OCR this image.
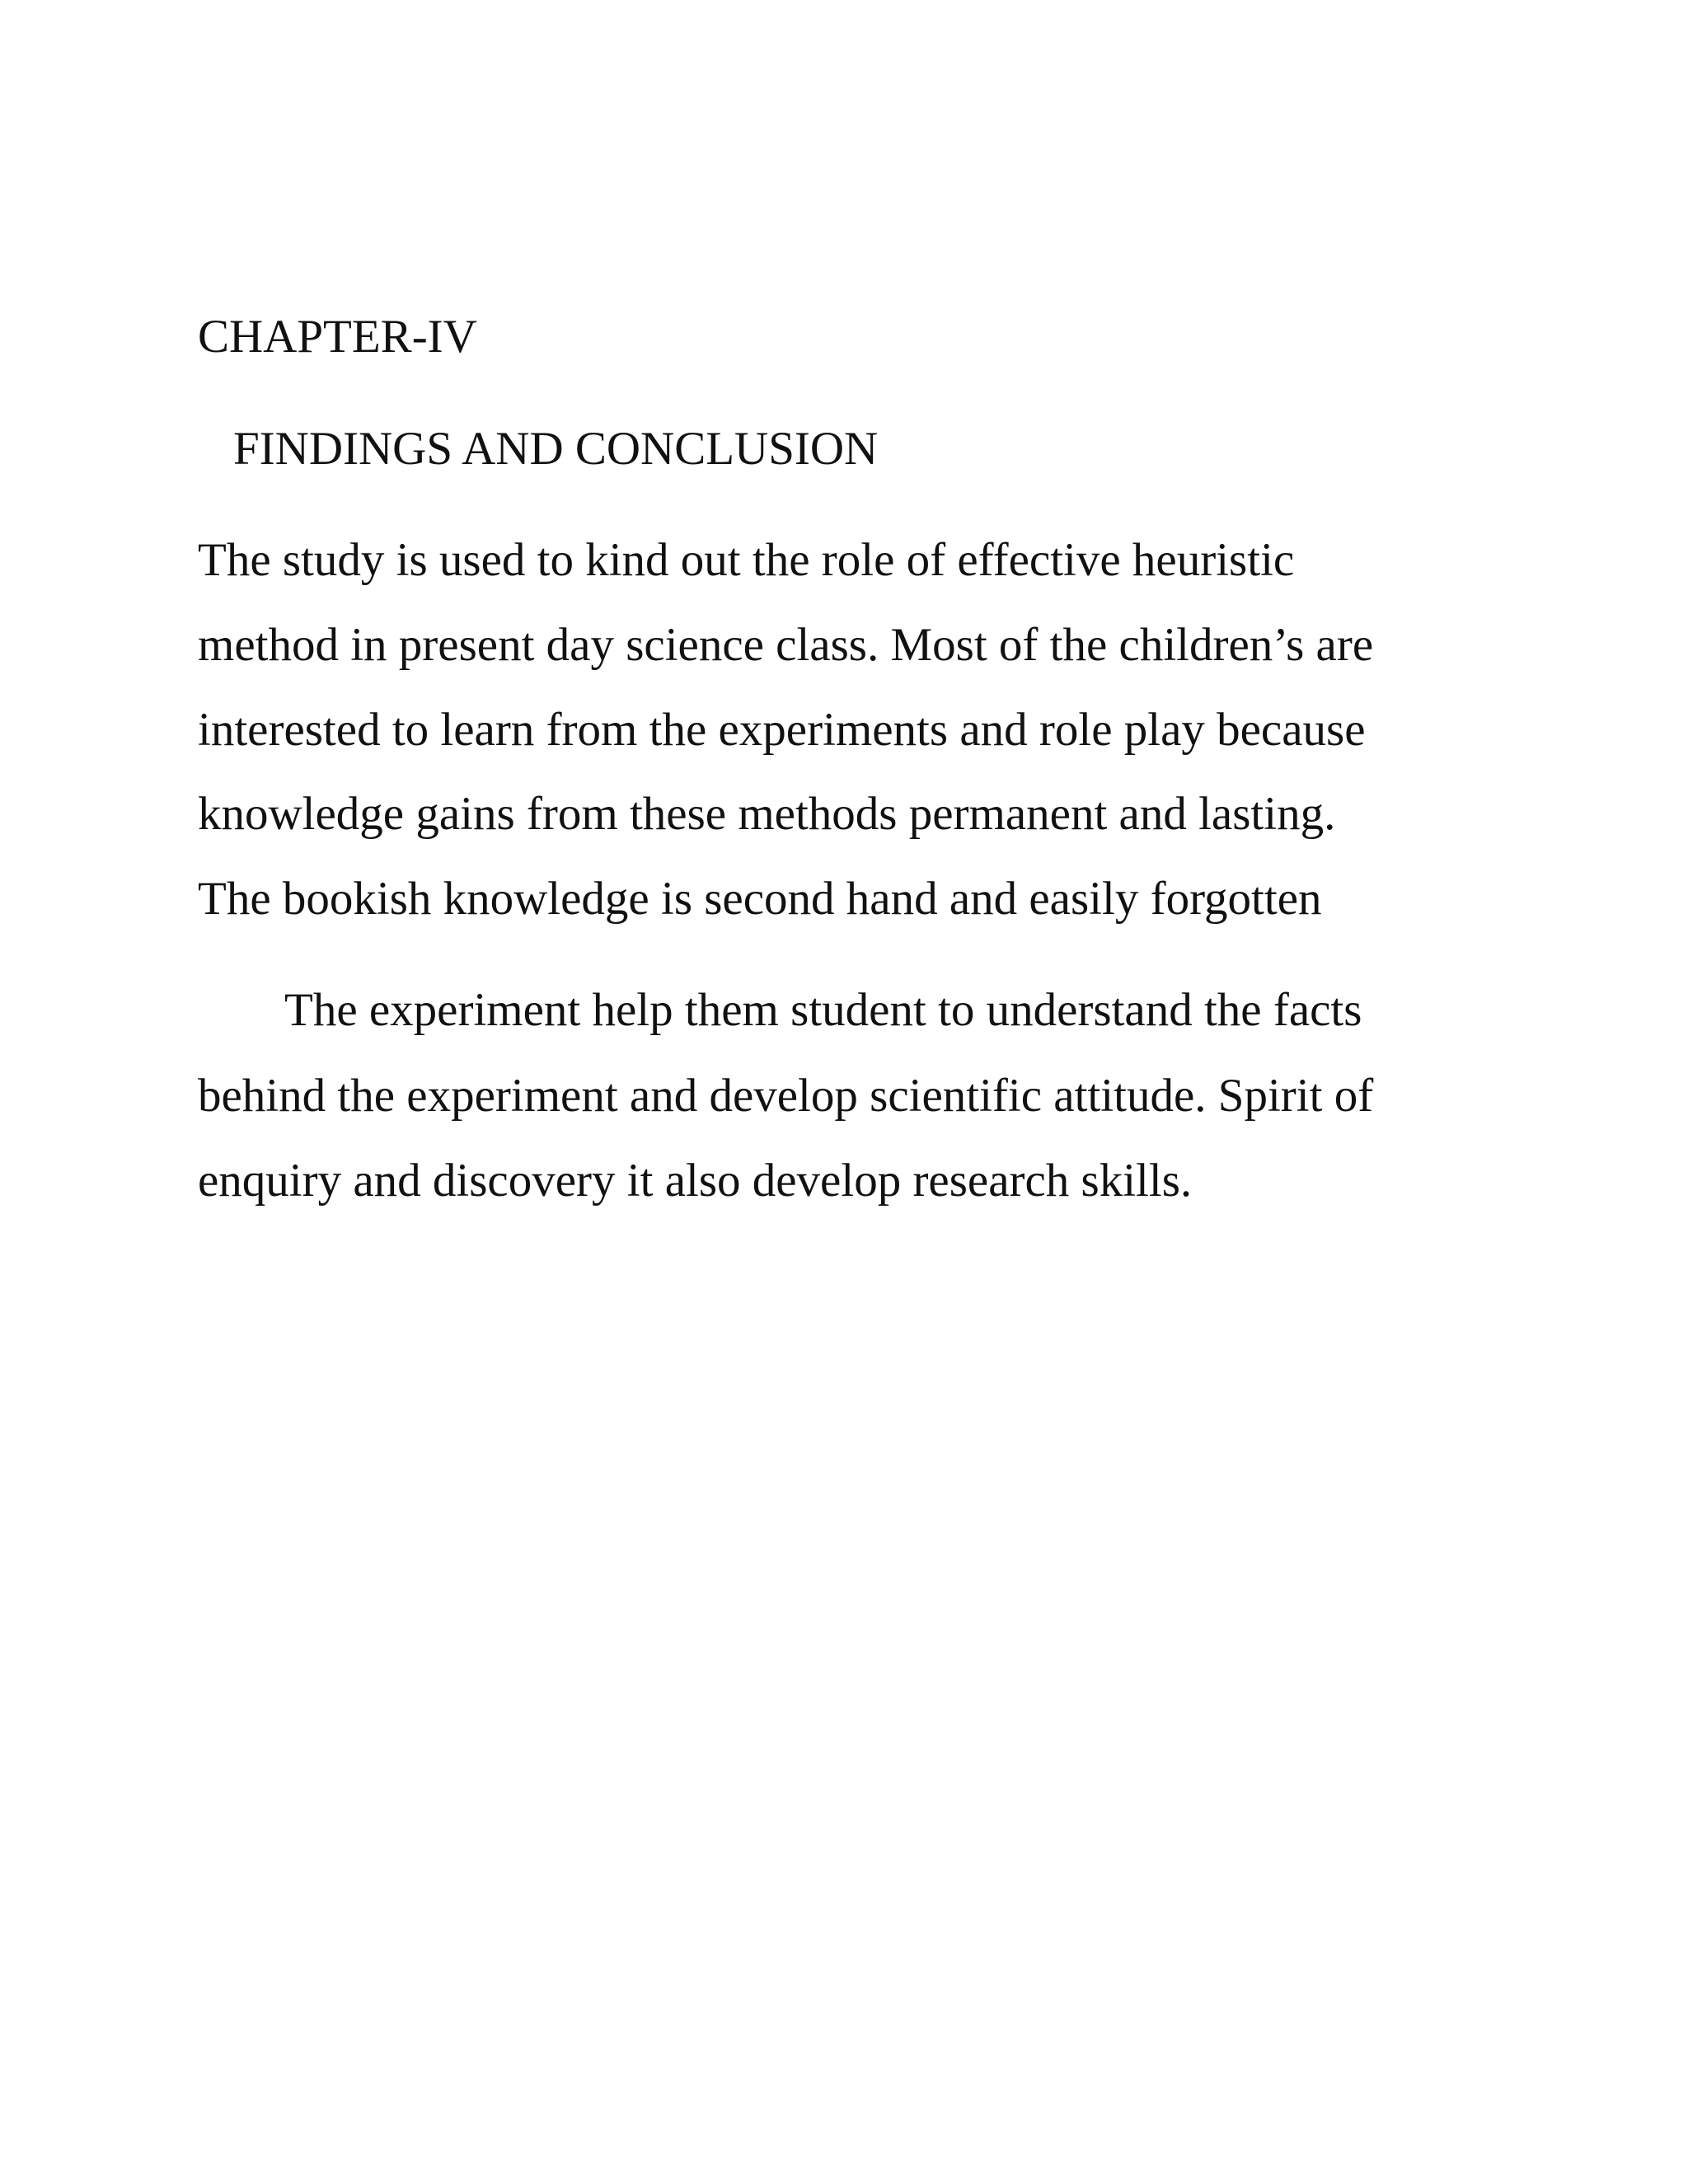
CHAPTER-IV
FINDINGS AND CONCLUSION
The study is used to kind out the role of effective heuristic
method in present day science class. Most of the children’s are
interested to learn from the experiments and role play because
knowledge gains from these methods permanent and lasting.
The bookish knowledge is second hand and easily forgotten
The experiment help them student to understand the facts
behind the experiment and develop scientific attitude. Spirit of
enquiry and discovery it also develop research skills.
